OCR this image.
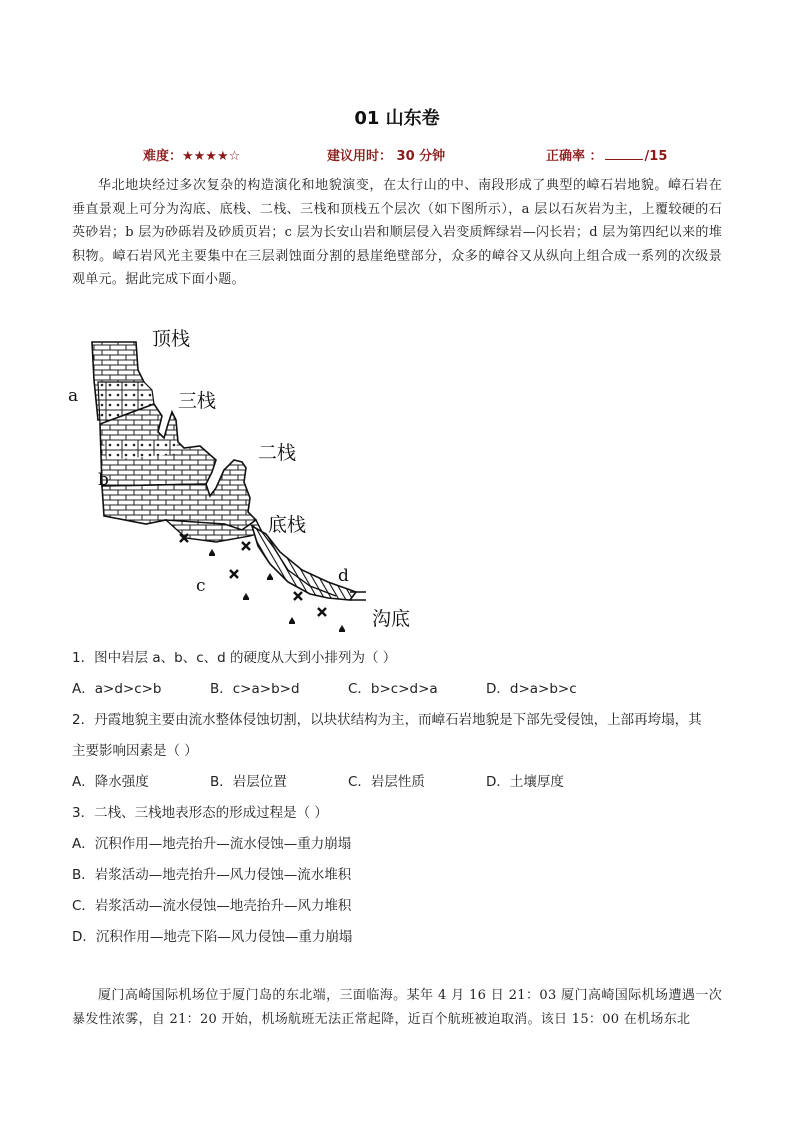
01 山东卷
难度：★★★★☆	建议用时： 30 分钟	正确率 ：	/15
华北地块经过多次复杂的构造演化和地貌演变，在太行山的中、南段形成了典型的嶂石岩地貌。嶂石岩在垂直景观上可分为沟底、底栈、二栈、三栈和顶栈五个层次（如下图所示），a 层以石灰岩为主，上覆较硬的石英砂岩；b 层为砂砾岩及砂质页岩；c 层为长安山岩和顺层侵入岩变质辉绿岩—闪长岩；d 层为第四纪以来的堆积物。嶂石岩风光主要集中在三层剥蚀面分割的悬崖绝壁部分，众多的嶂谷又从纵向上组合成一系列的次级景观单元。据此完成下面小题。
顶栈
三栈
二栈
底栈
沟底
a
b
c	d
1．图中岩层 a、b、c、d 的硬度从大到小排列为（ ）
A．a>d>c>b	B．c>a>b>d	C．b>c>d>a	D．d>a>b>c
2．丹霞地貌主要由流水整体侵蚀切割，以块状结构为主，而嶂石岩地貌是下部先受侵蚀，上部再垮塌，其
主要影响因素是（ ）
A．降水强度	B．岩层位置	C．岩层性质	D．土壤厚度
3．二栈、三栈地表形态的形成过程是（ ）
A．沉积作用—地壳抬升—流水侵蚀—重力崩塌
B．岩浆活动—地壳抬升—风力侵蚀—流水堆积
C．岩浆活动—流水侵蚀—地壳抬升—风力堆积
D．沉积作用—地壳下陷—风力侵蚀—重力崩塌
厦门高崎国际机场位于厦门岛的东北端，三面临海。某年 4 月 16 日 21：03 厦门高崎国际机场遭遇一次暴发性浓雾，自 21：20 开始，机场航班无法正常起降，近百个航班被迫取消。该日 15：00 在机场东北
